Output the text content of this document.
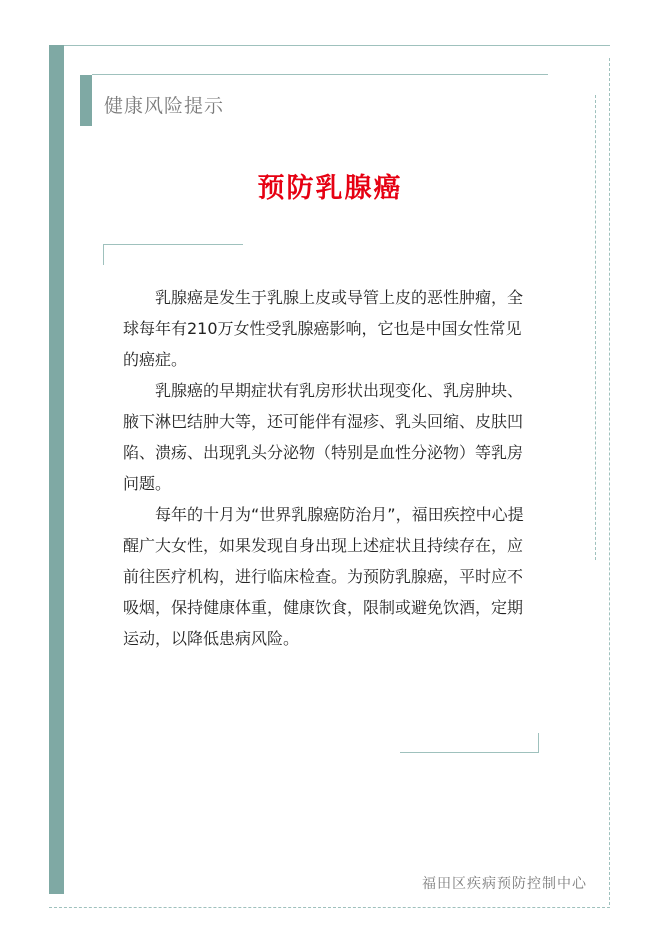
健康风险提示
预防乳腺癌

乳腺癌是发生于乳腺上皮或导管上皮的恶性肿瘤，全球每年有210万女性受乳腺癌影响，它也是中国女性常见的癌症。

乳腺癌的早期症状有乳房形状出现变化、乳房肿块、腋下淋巴结肿大等，还可能伴有湿疹、乳头回缩、皮肤凹陷、溃疡、出现乳头分泌物（特别是血性分泌物）等乳房问题。

每年的十月为“世界乳腺癌防治月”，福田疾控中心提醒广大女性，如果发现自身出现上述症状且持续存在，应前往医疗机构，进行临床检查。为预防乳腺癌，平时应不吸烟，保持健康体重，健康饮食，限制或避免饮酒，定期运动，以降低患病风险。

福田区疾病预防控制中心
